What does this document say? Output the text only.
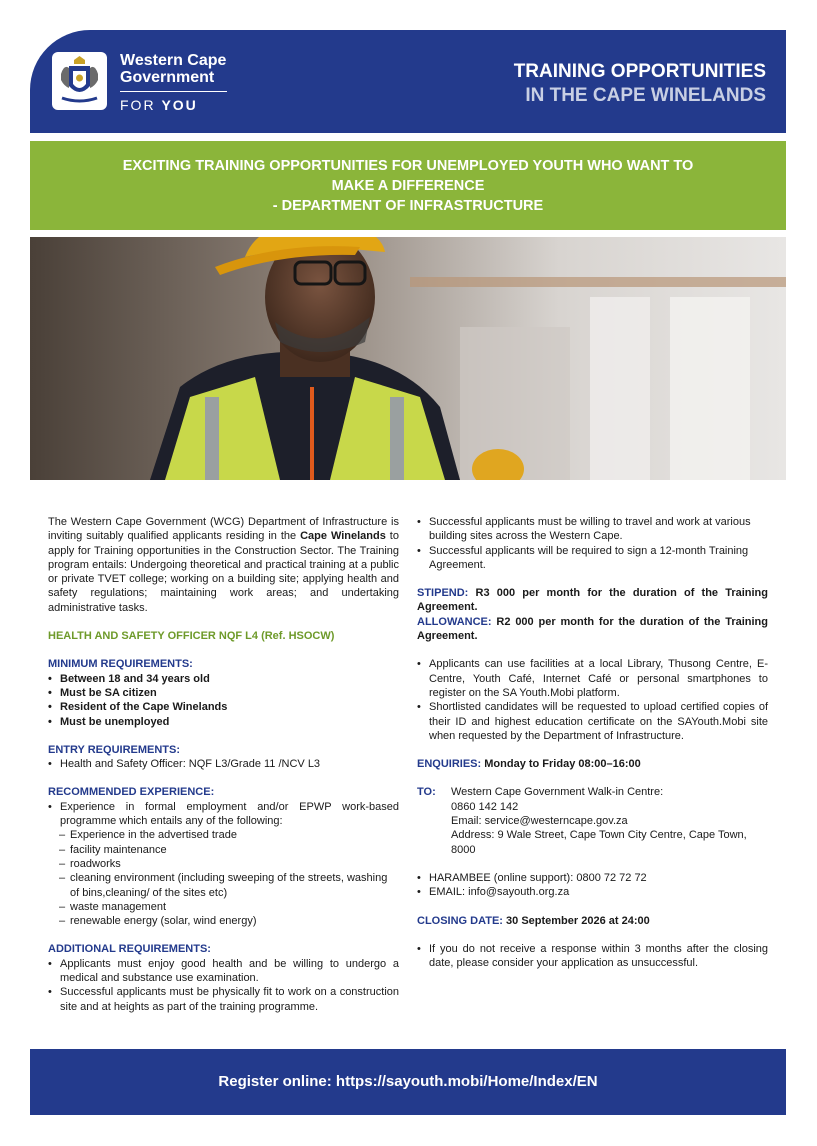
Western Cape
Government
FOR YOU
TRAINING OPPORTUNITIES
IN THE CAPE WINELANDS
EXCITING TRAINING OPPORTUNITIES FOR UNEMPLOYED YOUTH WHO WANT TO
MAKE A DIFFERENCE
- DEPARTMENT OF INFRASTRUCTURE

The Western Cape Government (WCG) Department of Infrastructure is inviting suitably qualified applicants residing in the Cape Winelands to apply for Training opportunities in the Construction Sector. The Training program entails: Undergoing theoretical and practical training at a public or private TVET college; working on a building site; applying health and safety regulations; maintaining work areas; and undertaking administrative tasks.

HEALTH AND SAFETY OFFICER NQF L4 (Ref. HSOCW)

MINIMUM REQUIREMENTS:

• Between 18 and 34 years old
• Must be SA citizen
• Resident of the Cape Winelands
• Must be unemployed

ENTRY REQUIREMENTS:

• Health and Safety Officer: NQF L3/Grade 11 /NCV L3

RECOMMENDED EXPERIENCE:

• Experience in formal employment and/or EPWP work-based programme which entails any of the following:
– Experience in the advertised trade
– facility maintenance
– roadworks
– cleaning environment (including sweeping of the streets, washing of bins,cleaning/ of the sites etc)
– waste management
– renewable energy (solar, wind energy)

ADDITIONAL REQUIREMENTS:

• Applicants must enjoy good health and be willing to undergo a medical and substance use examination.
• Successful applicants must be physically fit to work on a construction site and at heights as part of the training programme.
• Successful applicants must be willing to travel and work at various building sites across the Western Cape.
• Successful applicants will be required to sign a 12-month Training Agreement.

STIPEND: R3 000 per month for the duration of the Training Agreement.

ALLOWANCE: R2 000 per month for the duration of the Training Agreement.

• Applicants can use facilities at a local Library, Thusong Centre, E-Centre, Youth Café, Internet Café or personal smartphones to register on the SA Youth.Mobi platform.
• Shortlisted candidates will be requested to upload certified copies of their ID and highest education certificate on the SAYouth.Mobi site when requested by the Department of Infrastructure.

ENQUIRIES: Monday to Friday 08:00–16:00

TO:	Western Cape Government Walk-in Centre:
0860 142 142
Email: service@westerncape.gov.za
Address: 9 Wale Street, Cape Town City Centre, Cape Town, 8000
• HARAMBEE (online support): 0800 72 72 72
• EMAIL: info@sayouth.org.za

CLOSING DATE: 30 September 2026 at 24:00

• If you do not receive a response within 3 months after the closing date, please consider your application as unsuccessful.
Register online: https://sayouth.mobi/Home/Index/EN
